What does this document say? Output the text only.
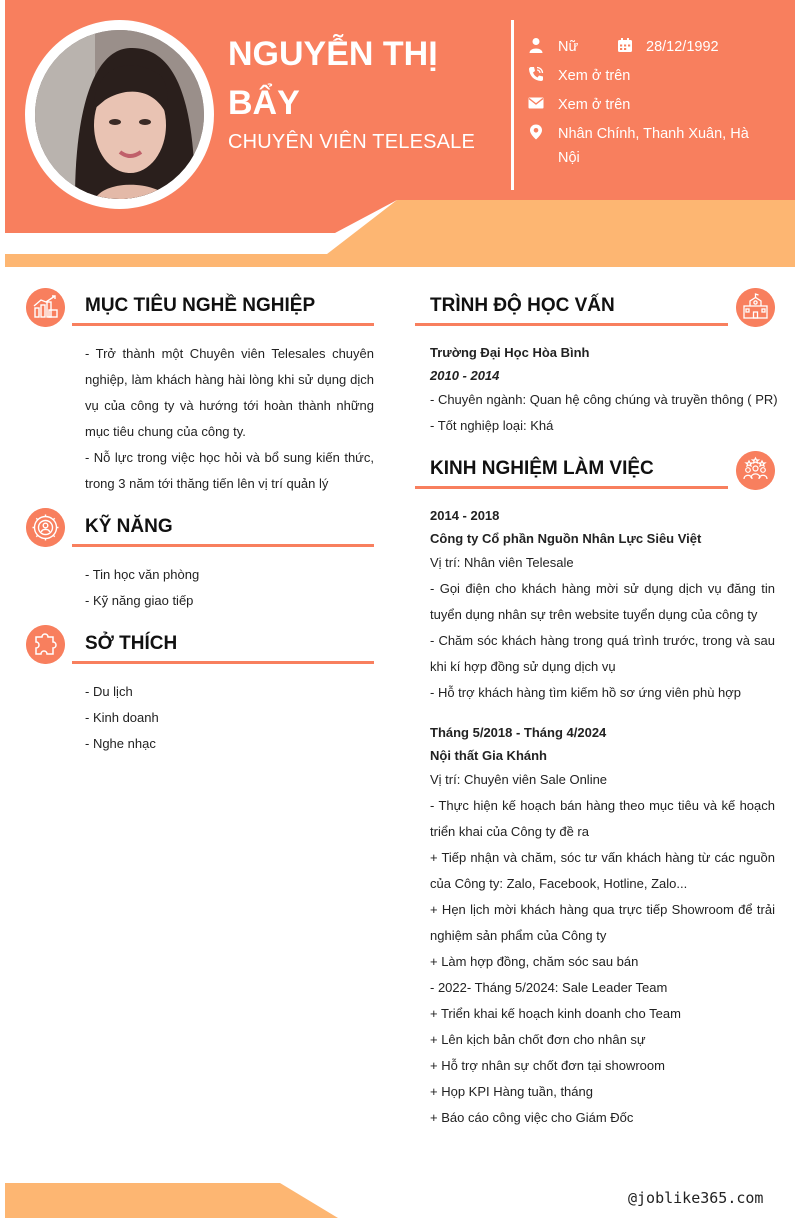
NGUYỄN THỊ BẨY
CHUYÊN VIÊN TELESALE
Nữ	28/12/1992
Xem ở trên
Xem ở trên
Nhân Chính, Thanh Xuân, Hà Nội
MỤC TIÊU NGHỀ NGHIỆP
- Trở thành một Chuyên viên Telesales chuyên nghiệp, làm khách hàng hài lòng khi sử dụng dịch vụ của công ty và hướng tới hoàn thành những mục tiêu chung của công ty.
- Nỗ lực trong việc học hỏi và bổ sung kiến thức, trong 3 năm tới thăng tiến lên vị trí quản lý
KỸ NĂNG
- Tin học văn phòng
- Kỹ năng giao tiếp
SỞ THÍCH
- Du lịch
- Kinh doanh
- Nghe nhạc
TRÌNH ĐỘ HỌC VẤN
Trường Đại Học Hòa Bình
2010 - 2014
- Chuyên ngành: Quan hệ công chúng và truyền thông ( PR)
- Tốt nghiệp loại: Khá
KINH NGHIỆM LÀM VIỆC
2014 - 2018
Công ty Cổ phần Nguồn Nhân Lực Siêu Việt
Vị trí: Nhân viên Telesale
- Gọi điện cho khách hàng mời sử dụng dịch vụ đăng tin tuyển dụng nhân sự trên website tuyển dụng của công ty
- Chăm sóc khách hàng trong quá trình trước, trong và sau khi kí hợp đồng sử dụng dịch vụ
- Hỗ trợ khách hàng tìm kiếm hồ sơ ứng viên phù hợp
Tháng 5/2018 - Tháng 4/2024
Nội thất Gia Khánh
Vị trí: Chuyên viên Sale Online
- Thực hiện kế hoạch bán hàng theo mục tiêu và kế hoạch triển khai của Công ty đề ra
+ Tiếp nhận và chăm, sóc tư vấn khách hàng từ các nguồn của Công ty: Zalo, Facebook, Hotline, Zalo...
+ Hẹn lịch mời khách hàng qua trực tiếp Showroom để trải nghiệm sản phẩm của Công ty
+ Làm hợp đồng, chăm sóc sau bán
- 2022- Tháng 5/2024: Sale Leader Team
+ Triển khai kế hoạch kinh doanh cho Team
+ Lên kịch bản chốt đơn cho nhân sự
+ Hỗ trợ nhân sự chốt đơn tại showroom
+ Họp KPI Hàng tuần, tháng
+ Báo cáo công việc cho Giám Đốc
@joblike365.com
